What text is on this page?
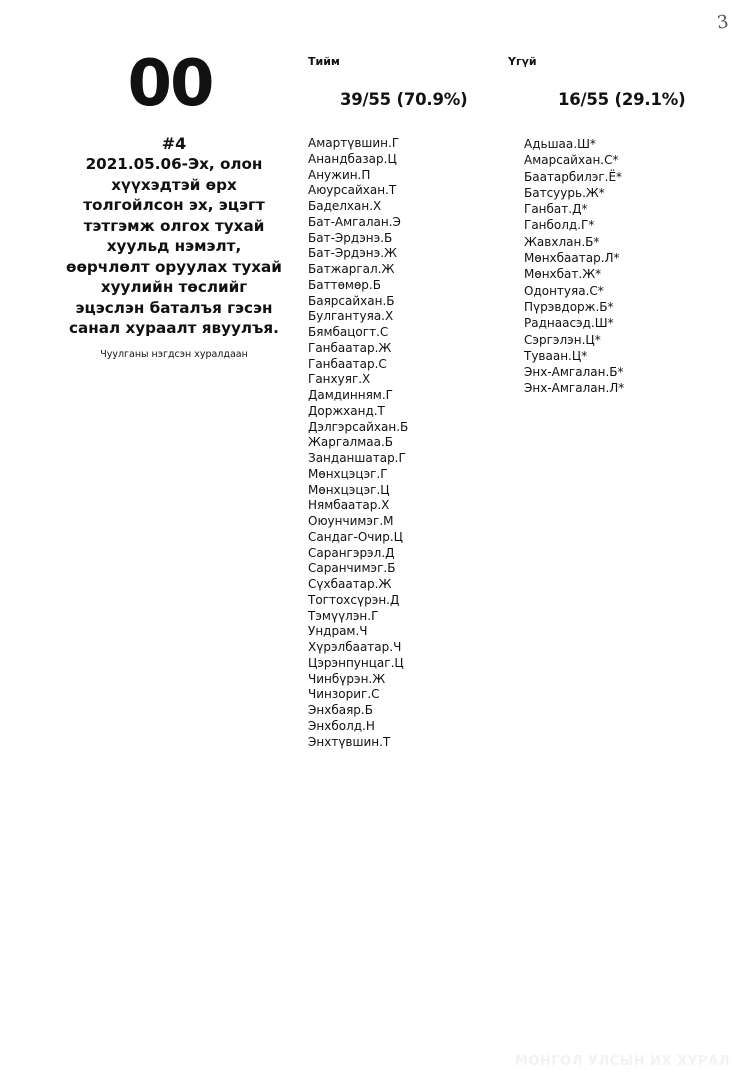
3
00
#4

2021.05.06-Эх, олон хүүхэдтэй өрх толгойлсон эх, эцэгт тэтгэмж олгох тухай хуульд нэмэлт, өөрчлөлт оруулах тухай хуулийн төслийг эцэслэн баталъя гэсэн санал хураалт явуулъя.

Чуулганы нэгдсэн хуралдаан
Тийм	Үгүй
39/55 (70.9%)	16/55 (29.1%)
Амартүвшин.Г
Анандбазар.Ц
Анужин.П
Аюурсайхан.Т
Баделхан.Х
Бат-Амгалан.Э
Бат-Эрдэнэ.Б
Бат-Эрдэнэ.Ж
Батжаргал.Ж
Баттөмөр.Б
Баярсайхан.Б
Булгантуяа.Х
Бямбацогт.С
Ганбаатар.Ж
Ганбаатар.С
Ганхуяг.Х
Дамдинням.Г
Доржханд.Т
Дэлгэрсайхан.Б
Жаргалмаа.Б
Занданшатар.Г
Мөнхцэцэг.Г
Мөнхцэцэг.Ц
Нямбаатар.Х
Оюунчимэг.М
Сандаг-Очир.Ц
Сарангэрэл.Д
Саранчимэг.Б
Сүхбаатар.Ж
Тогтохсүрэн.Д
Тэмүүлэн.Г
Ундрам.Ч
Хүрэлбаатар.Ч
Цэрэнпунцаг.Ц
Чинбүрэн.Ж
Чинзориг.С
Энхбаяр.Б
Энхболд.Н
Энхтүвшин.Т
Адьшаа.Ш*
Амарсайхан.С*
Баатарбилэг.Ё*
Батсуурь.Ж*
Ганбат.Д*
Ганболд.Г*
Жавхлан.Б*
Мөнхбаатар.Л*
Мөнхбат.Ж*
Одонтуяа.С*
Пүрэвдорж.Б*
Раднаасэд.Ш*
Сэргэлэн.Ц*
Туваан.Ц*
Энх-Амгалан.Б*
Энх-Амгалан.Л*
МОНГОЛ УЛСЫН ИХ ХУРАЛ
